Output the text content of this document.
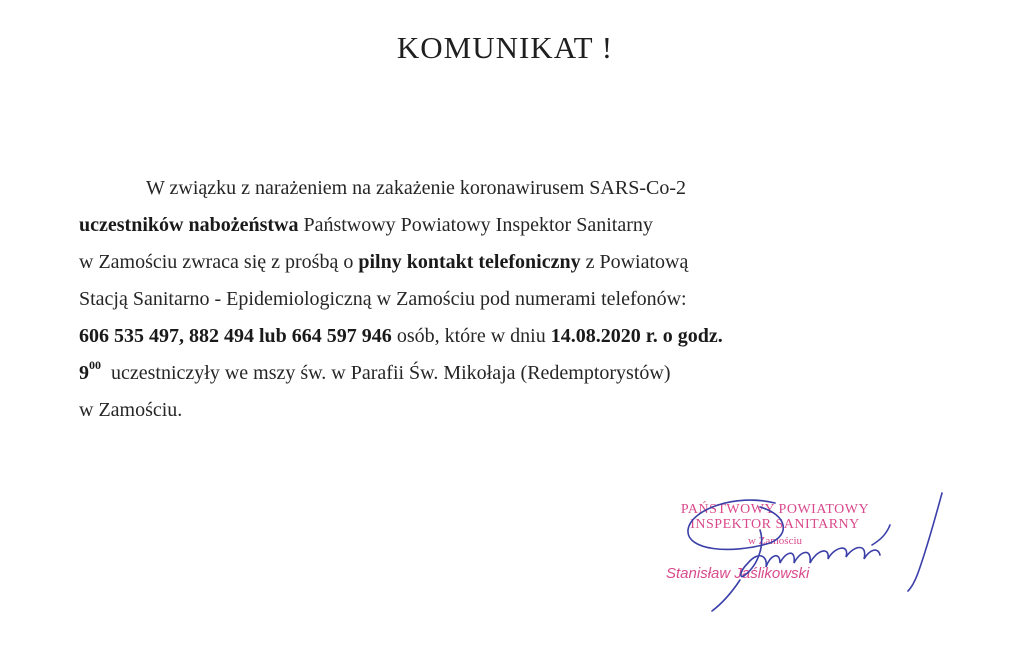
KOMUNIKAT !
W związku z narażeniem na zakażenie koronawirusem SARS-Co-2
uczestników nabożeństwa Państwowy Powiatowy Inspektor Sanitarny
w Zamościu zwraca się z prośbą o pilny kontakt telefoniczny z Powiatową
Stacją Sanitarno - Epidemiologiczną w Zamościu pod numerami telefonów:
606 535 497, 882 494 lub 664 597 946 osób, które w dniu 14.08.2020 r. o godz.
$9^{00}$  uczestniczyły we mszy św. w Parafii Św. Mikołaja (Redemptorystów)
w Zamościu.
PAŃSTWOWY POWIATOWY
INSPEKTOR SANITARNY
w Zamościu
Stanisław Jaślikowski
